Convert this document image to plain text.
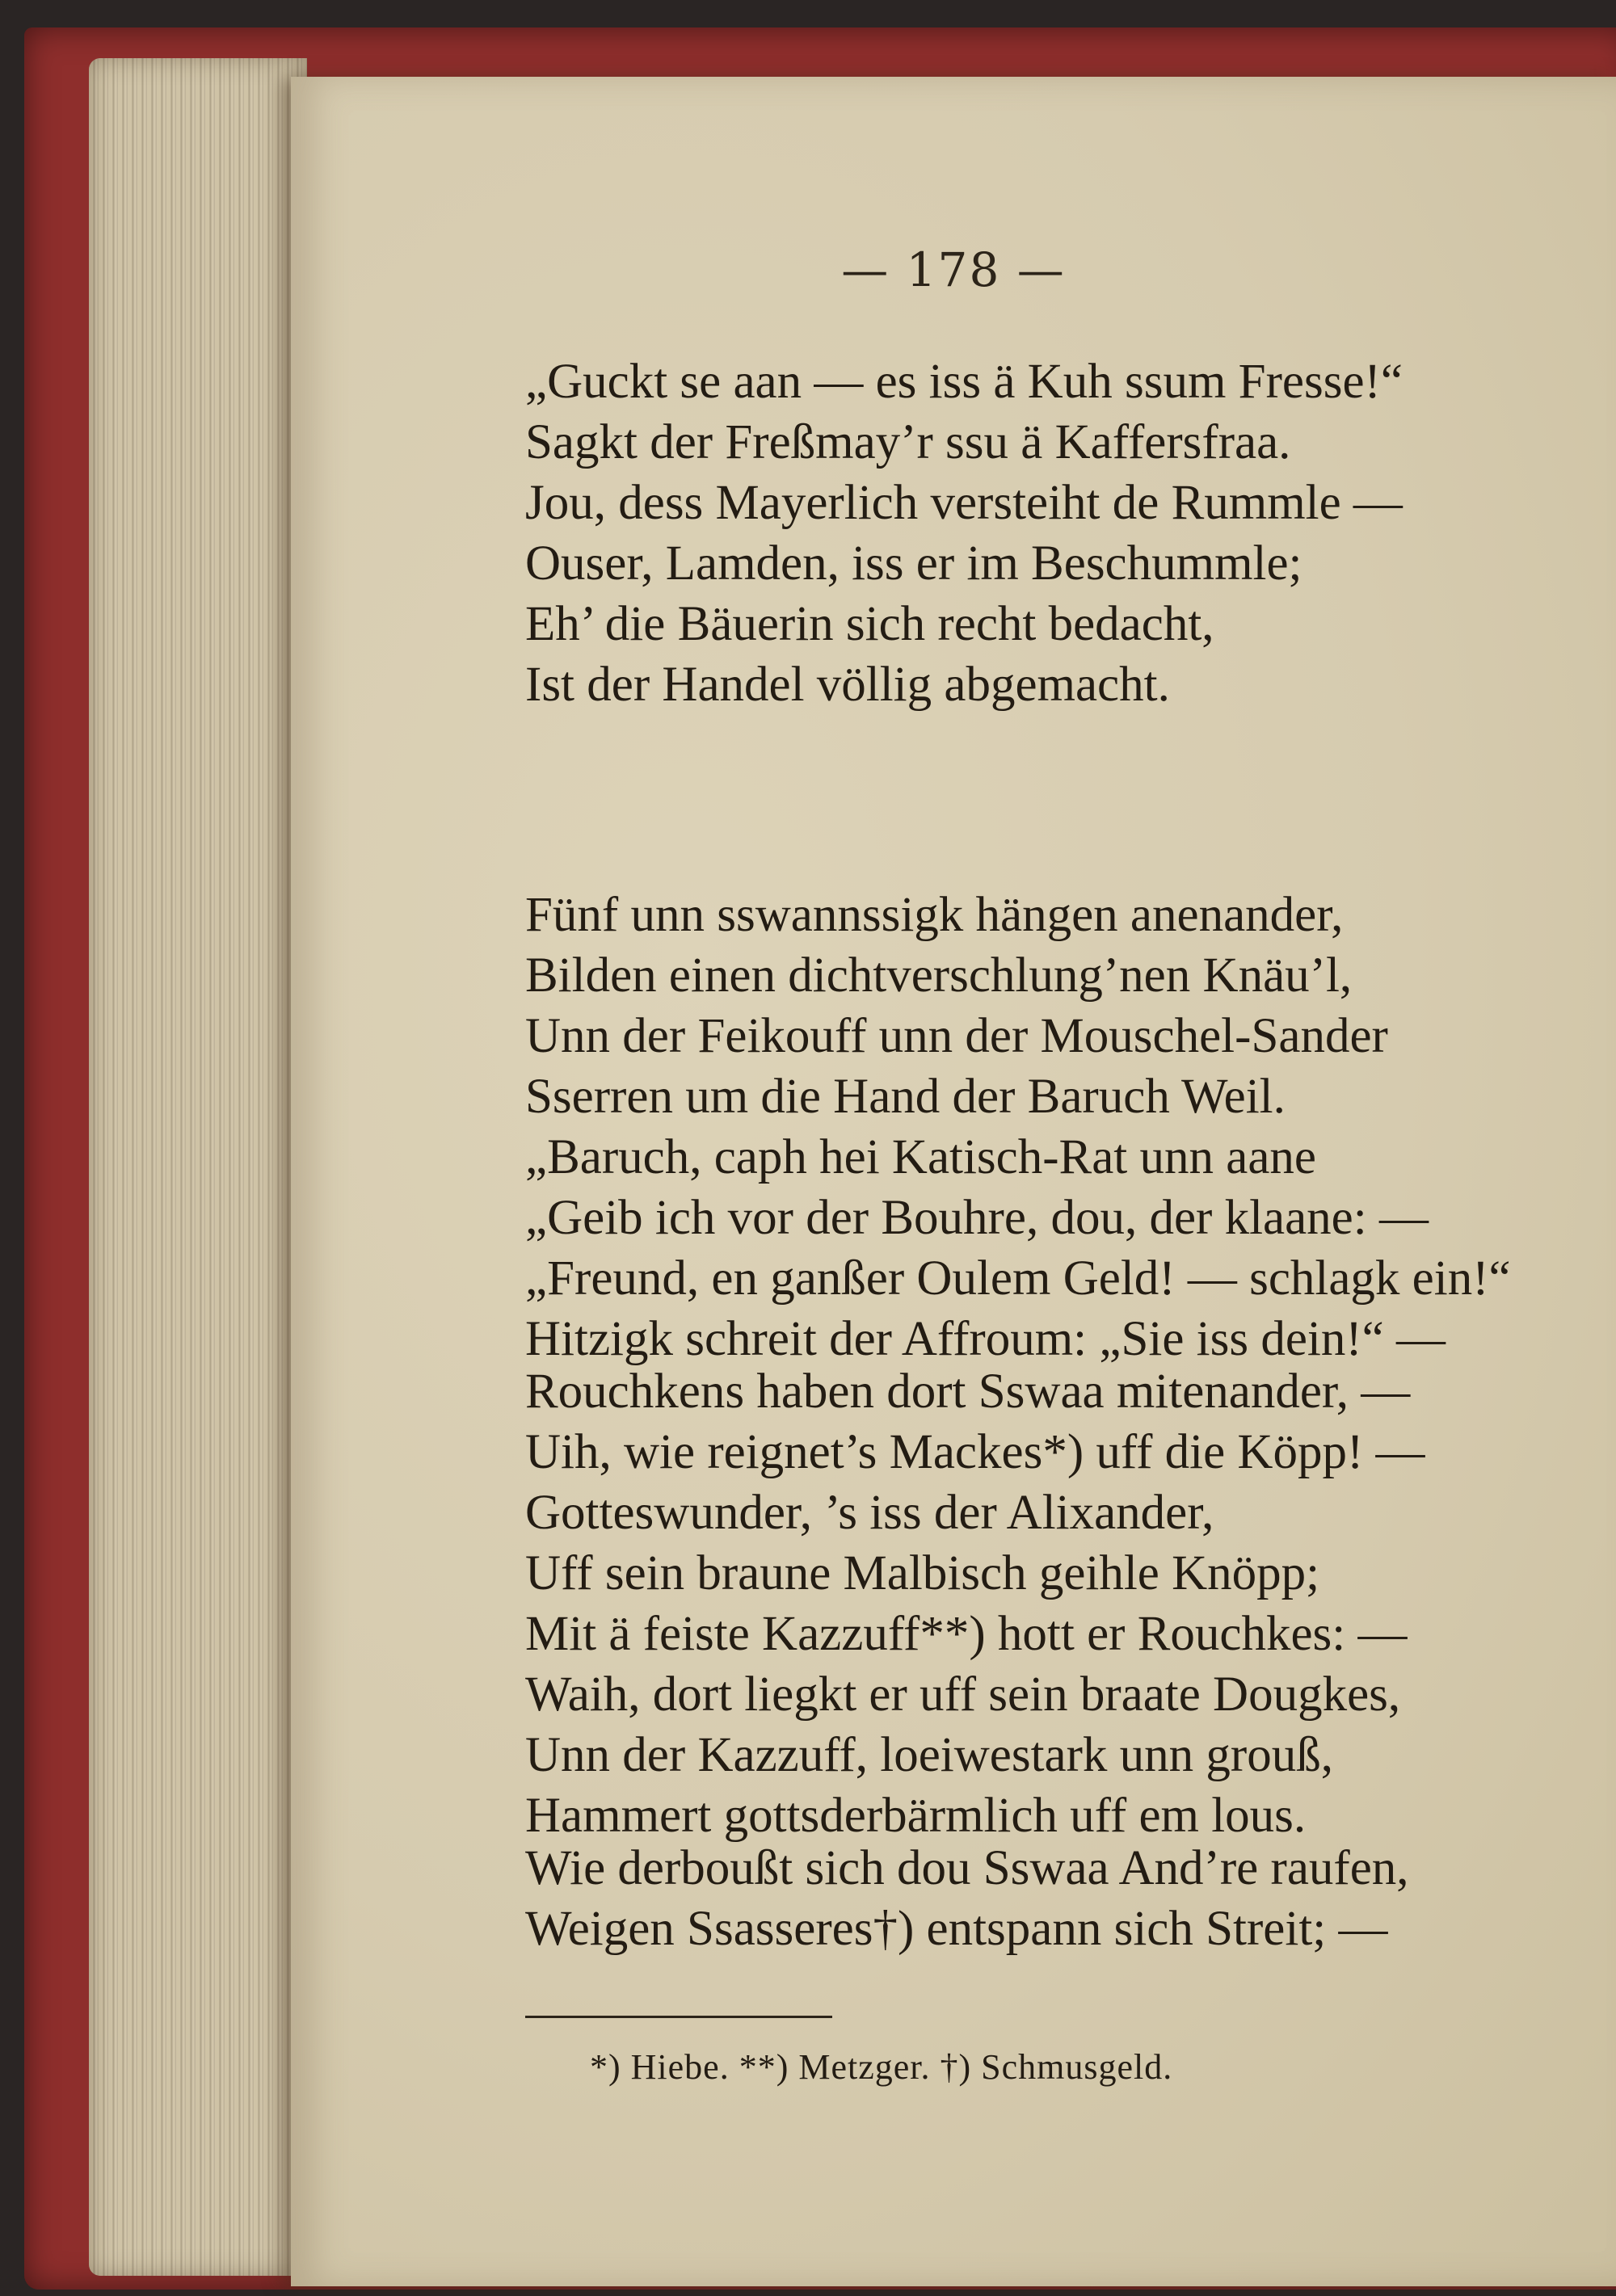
— 178 —
„Guckt se aan — es iss ä Kuh ssum Fresse!“
Sagkt der Freßmay’r ssu ä Kaffersfraa.
Jou, dess Mayerlich versteiht de Rummle —
Ouser, Lamden, iss er im Beschummle;
Eh’ die Bäuerin sich recht bedacht,
Ist der Handel völlig abgemacht.
Fünf unn sswannssigk hängen anenander,
Bilden einen dichtverschlung’nen Knäu’l,
Unn der Feikouff unn der Mouschel-Sander
Sserren um die Hand der Baruch Weil.
„Baruch, caph hei Katisch-Rat unn aane
„Geib ich vor der Bouhre, dou, der klaane: —
„Freund, en ganßer Oulem Geld! — schlagk ein!“
Hitzigk schreit der Affroum: „Sie iss dein!“ —
Rouchkens haben dort Sswaa mitenander, —
Uih, wie reignet’s Mackes*) uff die Köpp! —
Gotteswunder, ’s iss der Alixander,
Uff sein braune Malbisch geihle Knöpp;
Mit ä feiste Kazzuff**) hott er Rouchkes: —
Waih, dort liegkt er uff sein braate Dougkes,
Unn der Kazzuff, loeiwestark unn grouß,
Hammert gottsderbärmlich uff em lous.
Wie derboußt sich dou Sswaa And’re raufen,
Weigen Ssasseres†) entspann sich Streit; —
*) Hiebe. **) Metzger. †) Schmusgeld.
